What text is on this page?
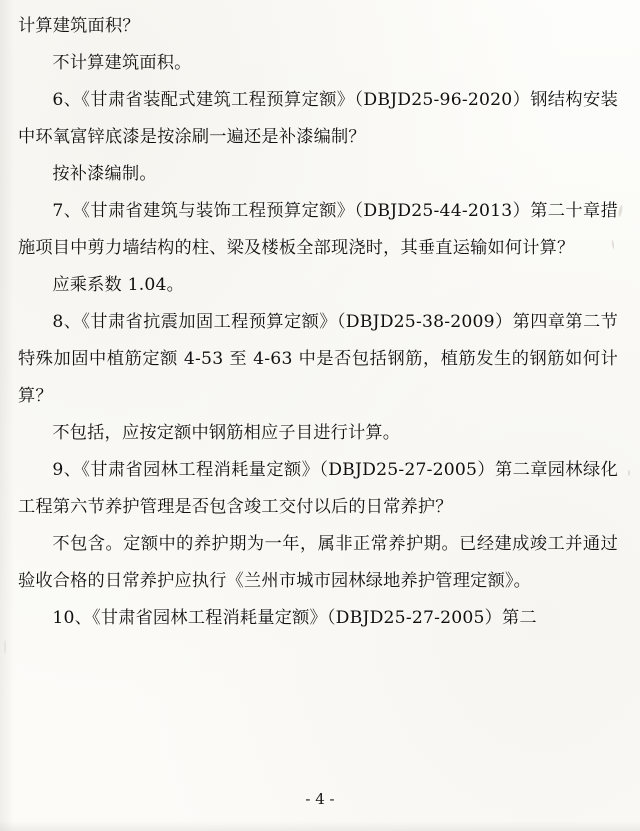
计算建筑面积？

不计算建筑面积。

6、《甘肃省装配式建筑工程预算定额》（DBJD25-96-2020）钢结构安装中环氧富锌底漆是按涂刷一遍还是补漆编制？

按补漆编制。

7、《甘肃省建筑与装饰工程预算定额》（DBJD25-44-2013）第二十章措施项目中剪力墙结构的柱、梁及楼板全部现浇时，其垂直运输如何计算？

应乘系数 1.04。

8、《甘肃省抗震加固工程预算定额》（DBJD25-38-2009）第四章第二节特殊加固中植筋定额 4-53 至 4-63 中是否包括钢筋，植筋发生的钢筋如何计算？

不包括，应按定额中钢筋相应子目进行计算。

9、《甘肃省园林工程消耗量定额》（DBJD25-27-2005）第二章园林绿化工程第六节养护管理是否包含竣工交付以后的日常养护？

不包含。定额中的养护期为一年，属非正常养护期。已经建成竣工并通过验收合格的日常养护应执行《兰州市城市园林绿地养护管理定额》。

10、《甘肃省园林工程消耗量定额》（DBJD25-27-2005）第二

- 4 -
